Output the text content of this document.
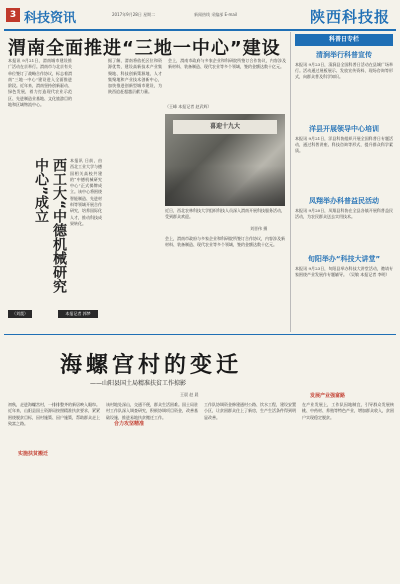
3 科技资讯	2017年9月28日 星期二	新闻热线 采编部 E-mail	陕西科技报
渭南全面推进“三地一中心”建设
本报讯 9月21日，渭南城市建设推广活动在京举行。渭南市与北京有关单位签订了战略合作协议，标志着渭南“三地一中心”建设进入全面推进阶段。近年来，渭南坚持创新驱动、绿色发展，着力打造现代农业示范区、先进制造业基地、文化旅游目的地和区域物流中心。
西工大“中德机械研究中心”成立	本报讯 日前，由西北工业大学与德国相关高校共建的“中德机械研究中心”正式揭牌成立。该中心将围绕智能制造、先进材料等领域开展合作研究，培养国际化人才，推动科技成果转化。
据了解，渭南将依托区位和资源优势，建设高新技术产业集聚地、科技创新策源地、人才集聚地和产业技术创新中心，加快推进创新型城市建设，为陕西追赶超越贡献力量。
会上，渭南市政府与多家企业和科研院所签订合作协议，内容涉及新材料、装备制造、现代农业等多个领域，签约金额达数十亿元。
喜迎十九大
（王峰 本报记者 赵武辉）
近日，西北农林科技大学组织科技人员深入渭南开展科技服务活动，受到群众欢迎。
刘晋伟 摄
会上，渭南市政府与多家企业和科研院所签订合作协议，内容涉及新材料、装备制造、现代农业等多个领域，签约金额达数十亿元。
（刘震）	本报记者 郭梦
科普日专栏
清涧举行科普宣传
本报讯 9月23日，清涧县全国科普日活动在县城广场举行。活动通过展板展示、发放宣传资料、现场咨询等形式，向群众普及科学知识。
洋县开展领导中心培训
本报讯 9月21日，洋县科协组织开展全国科普日专题活动，通过科普讲座、科技咨询等形式，提升群众科学素质。
凤翔举办科普益民活动
本报讯 9月20日，凤翔县科协在全县各镇开展科普益民活动，为农民群众送去实用技术。
旬阳举办“科技大讲堂”
本报讯 9月23日，旬阳县举办科技大讲堂活动，邀请专家围绕产业发展作专题辅导。（吴敏 本报记者 李明）
海螺宫村的变迁
——山阳县国土局精准扶贫工作掠影
王晨 赵 晨
初秋，走进海螺宫村，一排排整齐的新居映入眼帘。近年来，山阳县国土资源局按照精准扶贫要求，紧紧围绕脱贫目标，因村施策、因户施策，帮助群众走上致富之路。
实施扶贫搬迁
该村地处深山，交通不便，群众生活困难。国土局驻村工作队深入调查研究，积极协调项目资金，改善基础设施，推进易地扶贫搬迁工作。
合力攻坚精准
工作队协调资金修建通村公路、饮水工程，建设安置小区，让贫困群众住上了新房，生产生活条件得到明显改善。
在产业发展上，工作队因地制宜，引导群众发展核桃、中药材、养殖等特色产业，增加群众收入，贫困户实现稳定脱贫。
发展产业强富路
